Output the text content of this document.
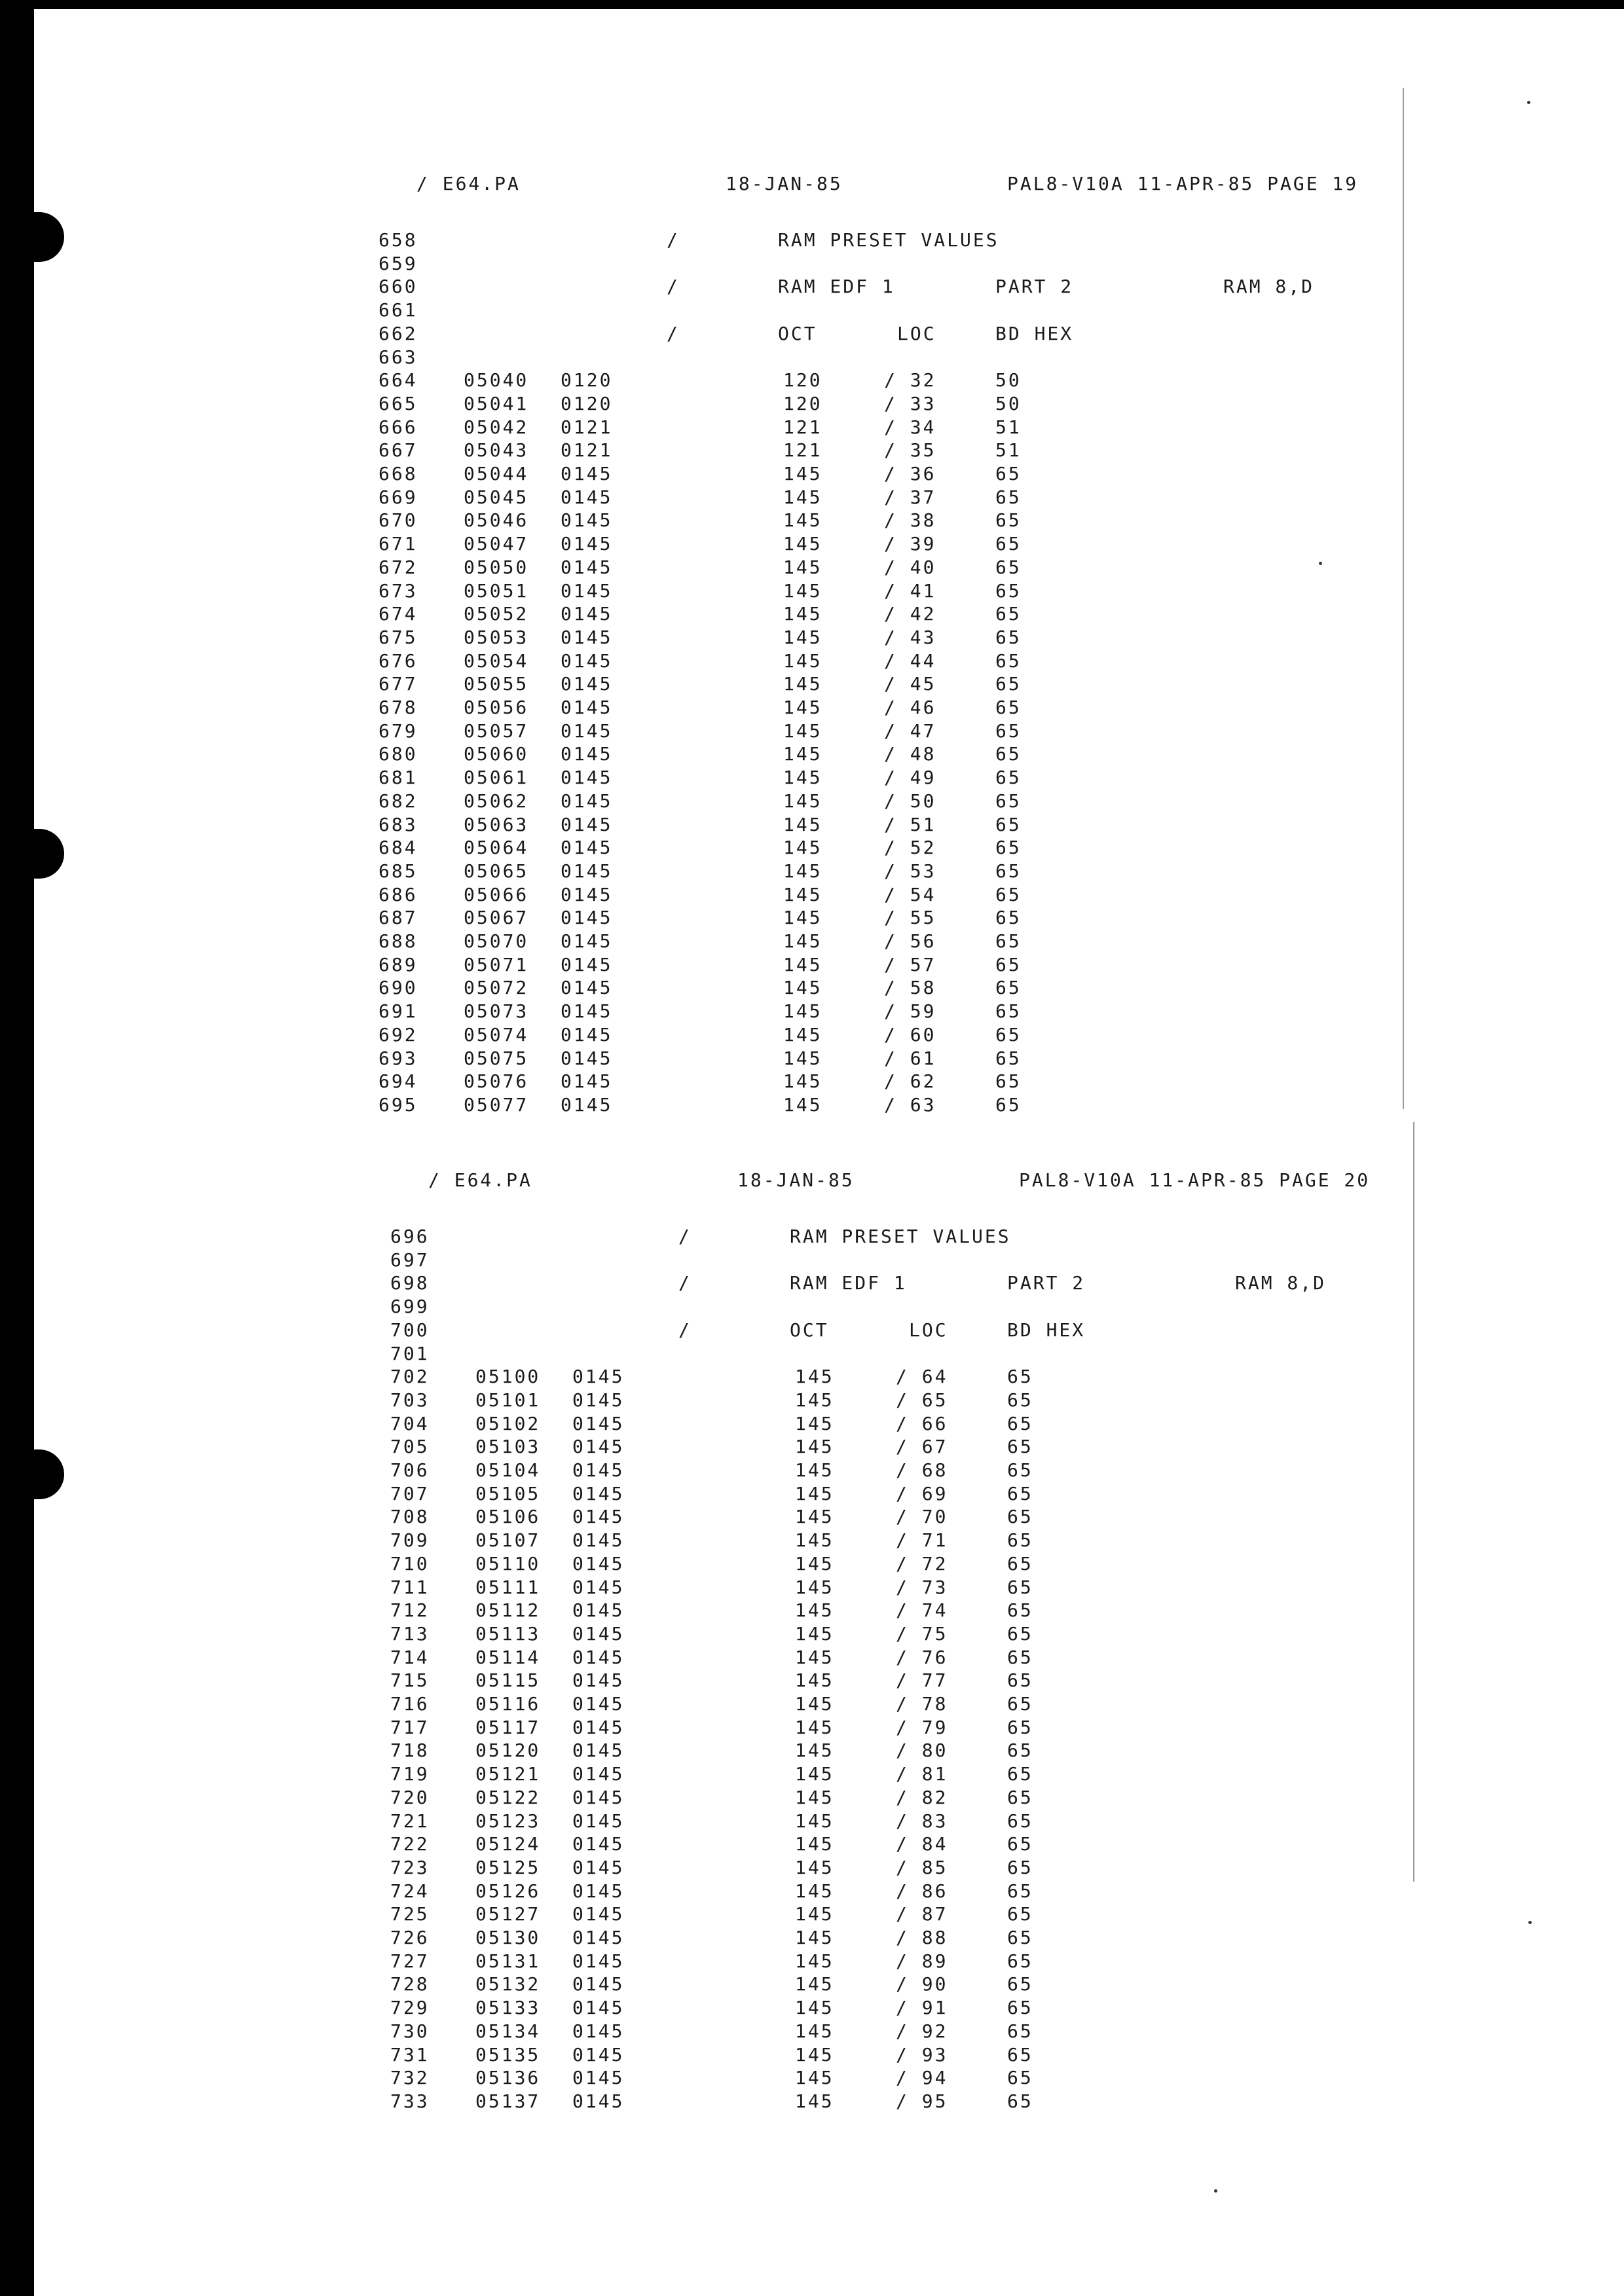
/ E64.PA	18-JAN-85	PAL8-V10A 11-APR-85 PAGE 19
658	/	RAM PRESET VALUES
659
660	/	RAM EDF 1	PART 2	RAM 8,D
661
662	/	OCT	LOC	BD HEX
663
664	05040 0120	120	/ 32	50
665	05041 0120	120	/ 33	50
666	05042 0121	121	/ 34	51
667	05043 0121	121	/ 35	51
668	05044 0145	145	/ 36	65
669	05045 0145	145	/ 37	65
670	05046 0145	145	/ 38	65
671	05047 0145	145	/ 39	65
672	05050 0145	145	/ 40	65
673	05051 0145	145	/ 41	65
674	05052 0145	145	/ 42	65
675	05053 0145	145	/ 43	65
676	05054 0145	145	/ 44	65
677	05055 0145	145	/ 45	65
678	05056 0145	145	/ 46	65
679	05057 0145	145	/ 47	65
680	05060 0145	145	/ 48	65
681	05061 0145	145	/ 49	65
682	05062 0145	145	/ 50	65
683	05063 0145	145	/ 51	65
684	05064 0145	145	/ 52	65
685	05065 0145	145	/ 53	65
686	05066 0145	145	/ 54	65
687	05067 0145	145	/ 55	65
688	05070 0145	145	/ 56	65
689	05071 0145	145	/ 57	65
690	05072 0145	145	/ 58	65
691	05073 0145	145	/ 59	65
692	05074 0145	145	/ 60	65
693	05075 0145	145	/ 61	65
694	05076 0145	145	/ 62	65
695	05077 0145	145	/ 63	65
/ E64.PA	18-JAN-85	PAL8-V10A 11-APR-85 PAGE 20
696	/	RAM PRESET VALUES
697
698	/	RAM EDF 1	PART 2	RAM 8,D
699
700	/	OCT	LOC	BD HEX
701
702	05100 0145	145	/ 64	65
703	05101 0145	145	/ 65	65
704	05102 0145	145	/ 66	65
705	05103 0145	145	/ 67	65
706	05104 0145	145	/ 68	65
707	05105 0145	145	/ 69	65
708	05106 0145	145	/ 70	65
709	05107 0145	145	/ 71	65
710	05110 0145	145	/ 72	65
711	05111 0145	145	/ 73	65
712	05112 0145	145	/ 74	65
713	05113 0145	145	/ 75	65
714	05114 0145	145	/ 76	65
715	05115 0145	145	/ 77	65
716	05116 0145	145	/ 78	65
717	05117 0145	145	/ 79	65
718	05120 0145	145	/ 80	65
719	05121 0145	145	/ 81	65
720	05122 0145	145	/ 82	65
721	05123 0145	145	/ 83	65
722	05124 0145	145	/ 84	65
723	05125 0145	145	/ 85	65
724	05126 0145	145	/ 86	65
725	05127 0145	145	/ 87	65
726	05130 0145	145	/ 88	65
727	05131 0145	145	/ 89	65
728	05132 0145	145	/ 90	65
729	05133 0145	145	/ 91	65
730	05134 0145	145	/ 92	65
731	05135 0145	145	/ 93	65
732	05136 0145	145	/ 94	65
733	05137 0145	145	/ 95	65
